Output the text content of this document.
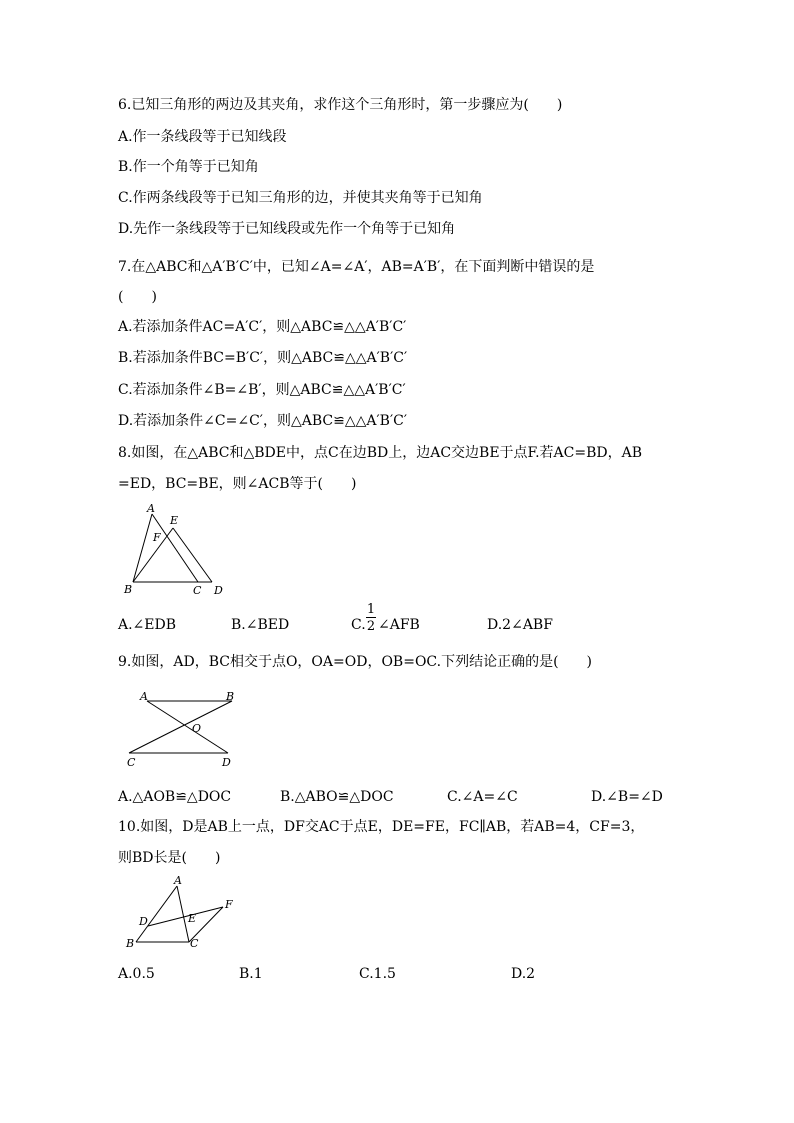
6.已知三角形的两边及其夹角，求作这个三角形时，第一步骤应为(　　)
A.作一条线段等于已知线段
B.作一个角等于已知角
C.作两条线段等于已知三角形的边，并使其夹角等于已知角
D.先作一条线段等于已知线段或先作一个角等于已知角
7.在△ABC和△A′B′C′中，已知∠A=∠A′，AB=A′B′，在下面判断中错误的是
(　　)
A.若添加条件AC=A′C′，则△ABC≌△△A′B′C′
B.若添加条件BC=B′C′，则△ABC≌△△A′B′C′
C.若添加条件∠B=∠B′，则△ABC≌△△A′B′C′
D.若添加条件∠C=∠C′，则△ABC≌△△A′B′C′
8.如图，在△ABC和△BDE中，点C在边BD上，边AC交边BE于点F.若AC=BD，AB
=ED，BC=BE，则∠ACB等于(　　)
A
E
F
B	C D
A.∠EDB	B.∠BED	C.
1
2 ∠AFB	D.2∠ABF
9.如图，AD，BC相交于点O，OA=OD，OB=OC.下列结论正确的是(　　)
A	B
O
C	D
A.△AOB≌△DOC	B.△ABO≌△DOC	C.∠A=∠C	D.∠B=∠D
10.如图，D是AB上一点，DF交AC于点E，DE=FE，FC∥AB，若AB=4，CF=3，
则BD长是(　　)
A
D	E
F
B	C
A.0.5	B.1	C.1.5	D.2
